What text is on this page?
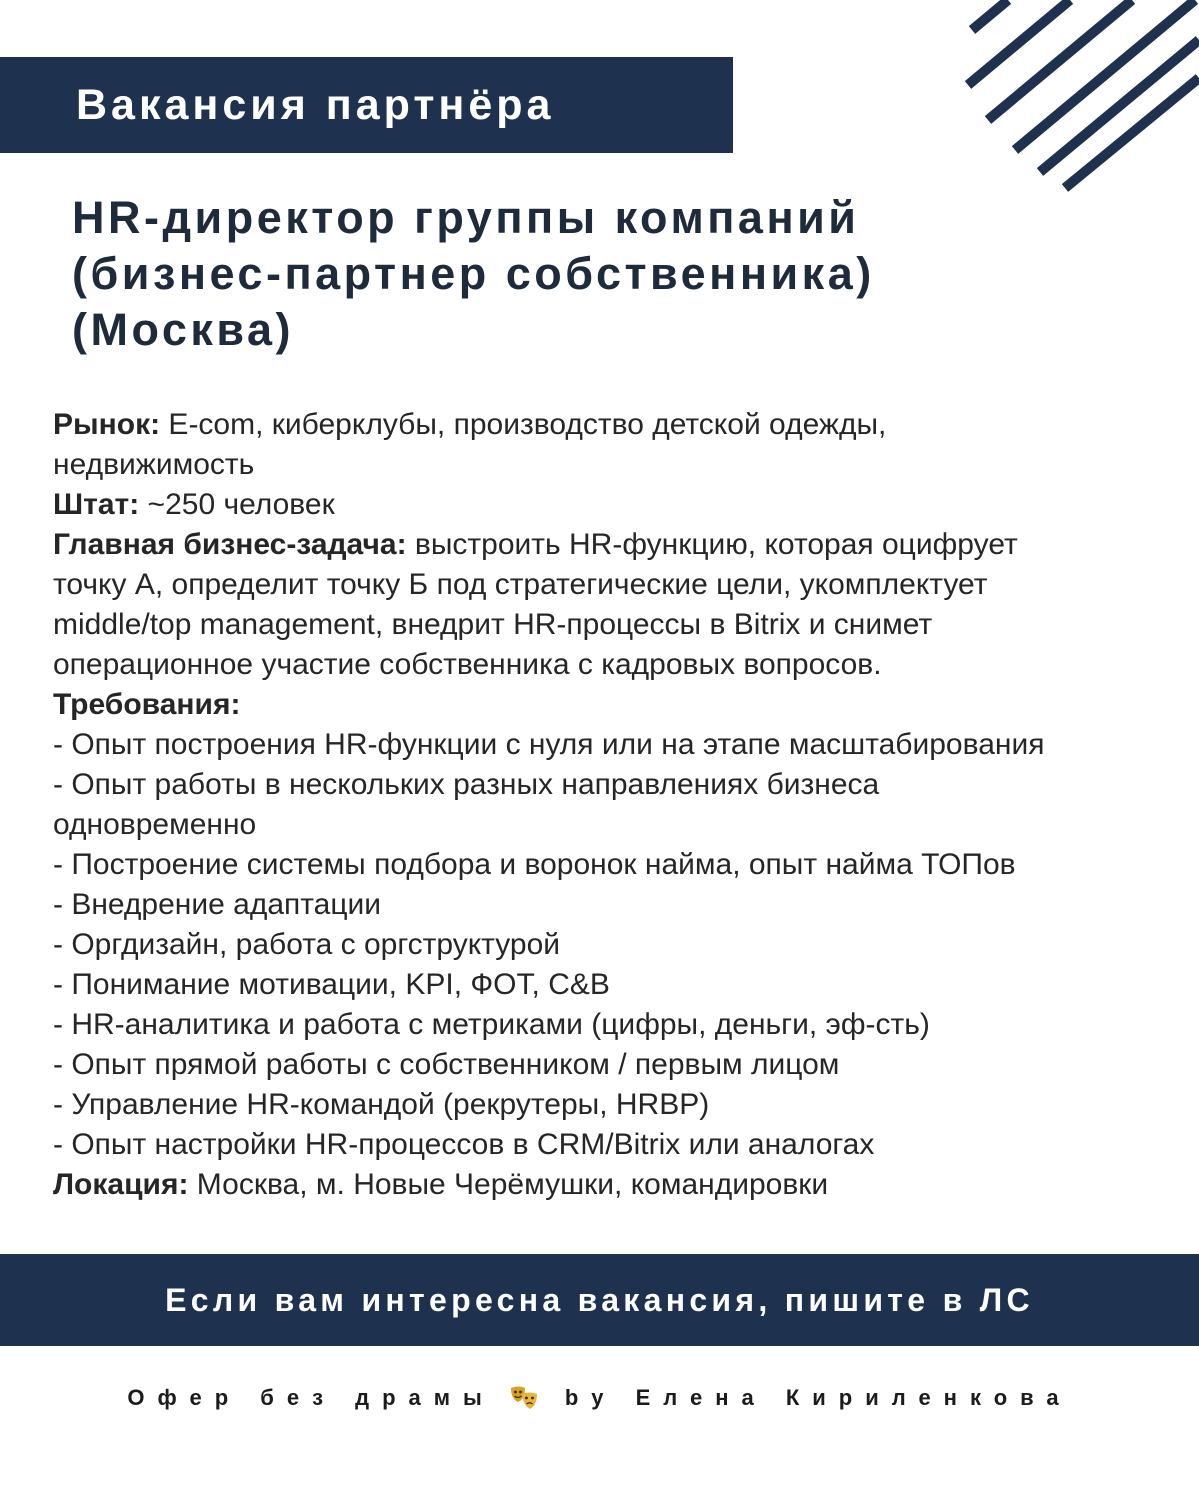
Вакансия партнёра
HR-директор группы компаний
(бизнес-партнер собственника)
(Москва)
Рынок: E-com, киберклубы, производство детской одежды,
недвижимость
Штат: ~250 человек
Главная бизнес-задача: выстроить HR-функцию, которая оцифрует
точку А, определит точку Б под стратегические цели, укомплектует
middle/top management, внедрит HR-процессы в Bitrix и снимет
операционное участие собственника с кадровых вопросов.
Требования:
- Опыт построения HR-функции с нуля или на этапе масштабирования
- Опыт работы в нескольких разных направлениях бизнеса
одновременно
- Построение системы подбора и воронок найма, опыт найма ТОПов
- Внедрение адаптации
- Оргдизайн, работа с оргструктурой
- Понимание мотивации, KPI, ФОТ, C&B
- HR-аналитика и работа с метриками (цифры, деньги, эф-сть)
- Опыт прямой работы с собственником / первым лицом
- Управление HR-командой (рекрутеры, HRBP)
- Опыт настройки HR-процессов в CRM/Bitrix или аналогах
Локация: Москва, м. Новые Черёмушки, командировки
Если вам интересна вакансия, пишите в ЛС
Офер без драмы	by Елена Кириленкова
